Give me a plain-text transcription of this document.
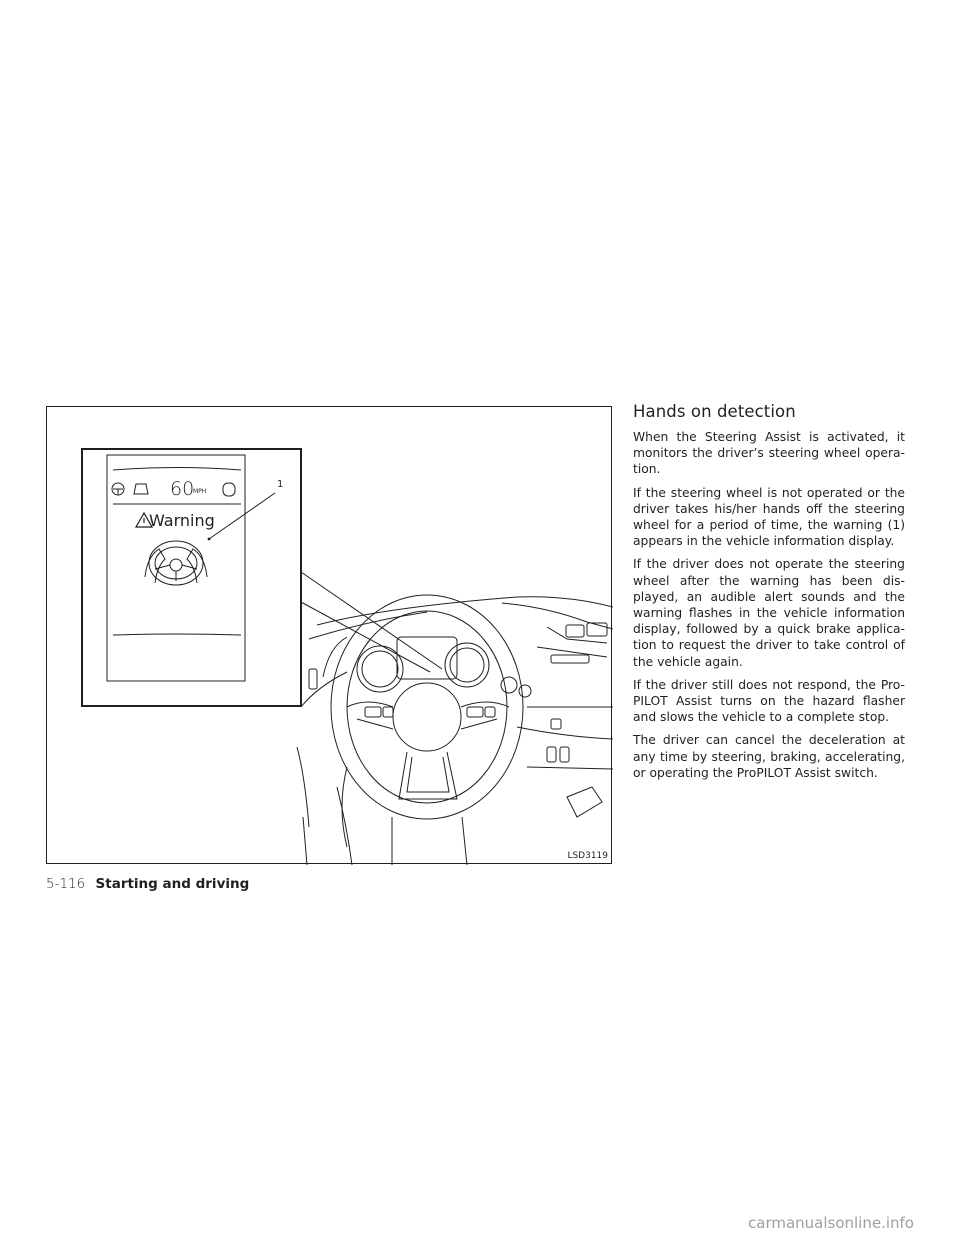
60
MPH
Warning
1
LSD3119
Hands on detection

When the Steering Assist is activated, it monitors the driver’s steering wheel opera-tion.

If the steering wheel is not operated or the driver takes his/her hands off the steering wheel for a period of time, the warning (1) appears in the vehicle information display.

If the driver does not operate the steering wheel after the warning has been dis-played, an audible alert sounds and the warning flashes in the vehicle information display, followed by a quick brake applica-tion to request the driver to take control of the vehicle again.

If the driver still does not respond, the Pro-PILOT Assist turns on the hazard flasher and slows the vehicle to a complete stop.

The driver can cancel the deceleration at any time by steering, braking, accelerating, or operating the ProPILOT Assist switch.

5-116 Starting and driving
carmanualsonline.info
